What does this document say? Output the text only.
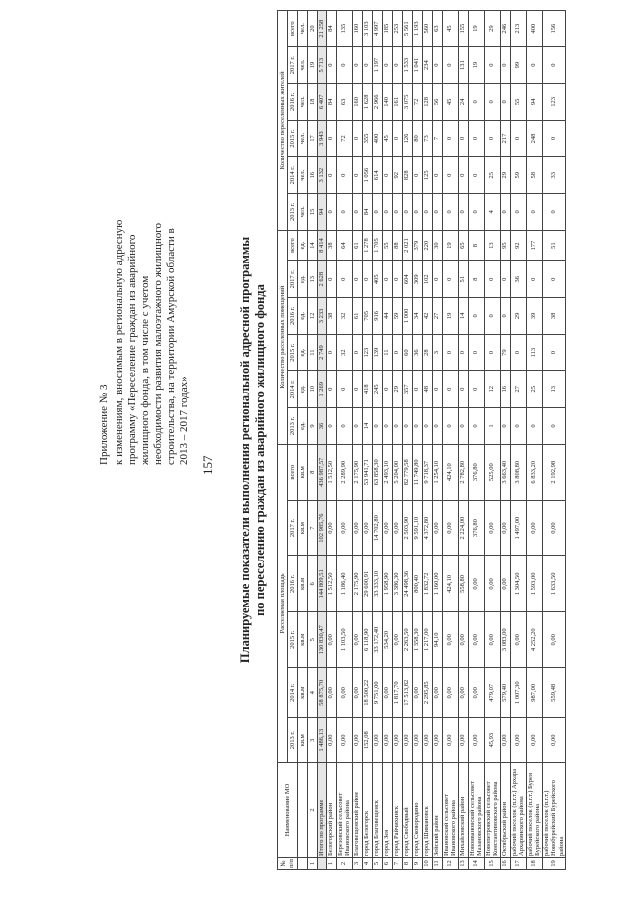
157
Приложение № 3 к изменениям, вносимым в региональную адресную программу «Переселение граждан из аварийного жилищного фонда, в том числе с учетом необходимости развития малоэтажного жилищного строительства, на территории Амурской области в 2013 – 2017 годах»	Планируемые показатели выполнения региональной адресной программы по переселению граждан из аварийного жилищного фонда
№ п/п	Наименование МО	Расселяемая площадь						Количество расселенных помещений						Количество переселенных жителей					
		2013 г.	2014 г.	2015 г.	2016 г.	2017 г.	всего	2013 г.	2014 г.	2015 г.	2016 г.	2017 г.	всего	2013 г.	2014 г.	2015 г.	2016 г.	2017 г.	всего
		кв.м	кв.м	кв.м	кв.м	кв.м	кв.м	ед.	ед.	ед.	ед.	ед.	ед.	чел.	чел.	чел.	чел.	чел.	чел.
1	2	3	4	5	6	7	8	9	10	11	12	13	14	15	16	17	18	19	20
	Итого по программе	1 486,13	58 875,70	130 830,47	144 809,51	102 985,76	436 987,57	36	1 269	2 749	3 233	2 628	8 414	94	3 132	3 943	6 407	5 713	21 258
1	Белогорский район	0,00	0,00	0,00	1 512,50	0,00	1 512,50	0	0	0	38	0	38	0	0	0	84	0	84
2	Березовский сельсовет Ивановского района	0,00	0,00	1 103,50	1 186,40	0,00	2 289,90	0	0	32	32	0	64	0	0	72	63	0	135
3	Благовещенский район	0,00	0,00	0,00	2 175,90	0,00	2 175,90	0	0	0	61	0	61	0	0	0	160	0	160
4	город Белогорск	152,08	18 500,22	6 118,90	29 600,91	0,00	53 941,71	14	418	123	705	0	1 278	84	1 056	355	1 628	0	3 103
5	город Благовещенск	0,00	9 751,00	33 172,40	33 333,10	14 702,80	63 858,30	0	245	139	916	405	1 705	0	614	400	2 966	1 197	4 997
6	город Зея	0,00	0,00	534,20	1 958,90	0,00	2 493,10	0	0	11	44	0	55	0	0	45	140	0	185
7	город Райчихинск	0,00	1 817,70	0,00	3 386,30	0,00	5 204,00	0	29	0	59	0	88	0	92	0	161	0	253
8	город Свободный	0,00	17 513,82	2 263,50	24 498,36	2 503,90	82 779,58	0	357	60	1 000	604	2 021	0	828	126	3 075	1 533	5 561
9	город Сковородино	0,00	0,00	1 358,30	800,40	9 591,10	11 749,80	0	0	36	34	309	379	0	0	80	72	1 041	1 193
10	город Шимановск	0,00	2 295,85	1 217,00	1 832,72	4 372,80	9 718,37	0	48	28	42	102	220	0	125	73	128	234	560
11	Зейский район	0,00	0,00	94,10	1 160,00	0,00	1 254,10	0	0	3	27	0	30	0	0	7	56	0	63
12	Ивановский сельсовет Ивановского района	0,00	0,00	0,00	424,10	0,00	424,10	0	0	0	19	0	19	0	0	0	45	0	45
13	Михайловский район	0,00	0,00	0,00	558,80	2 224,00	2 782,80	0	0	0	14	51	65	0	0	0	24	131	155
14	Новоивановский сельсовет Мазановского района	0,00	0,00	0,00	0,00	376,80	376,80	0	0	0	0	8	8	0	0	0	0	19	19
15	Новопетровский сельсовет Константиновского района	45,93	479,07	0,00	0,00	0,00	525,00	1	12	0	0	0	13	4	25	0	0	0	29
16	Октябрьский район	0,00	579,40	3 083,00	0,00	0,00	3 663,40	0	16	79	0	0	95	0	29	217	0	0	246
17	рабочий поселок (п.г.т.) Архара Архаринского района	0,00	1 007,30	0,00	1 304,50	1 497,00	3 808,80	0	27	0	29	36	92	0	59	0	55	99	213
18	рабочий поселок (п.г.т.) Бурея Бурейского района	0,00	987,00	4 252,20	1 593,00	0,00	6 833,20	0	25	113	39	0	177	0	58	248	94	0	400
19	рабочий поселок (п.г.т.) Новобурейский Бурейского района	0,00	559,48	0,00	1 633,50	0,00	2 192,98	0	13	0	38	0	51	0	33	0	123	0	156
